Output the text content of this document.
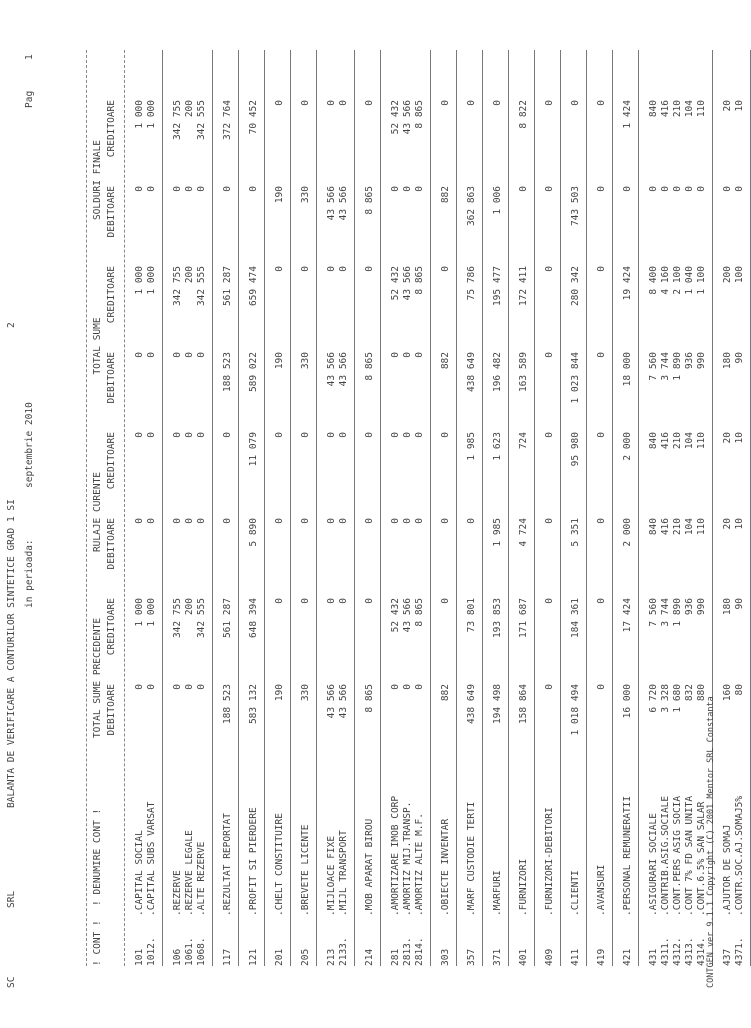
SC
SRL
BALANTA DE VERIFICARE A CONTURILOR SINTETICE GRAD 1 SI
2
in perioada:
septembrie 2010
Pag
1
! CONT !
! DENUMIRE CONT !
TOTAL SUME PRECEDENTE
RULAJE CURENTE
TOTAL SUME
SOLDURI FINALE
DEBITOARE
CREDITOARE
DEBITOARE
CREDITOARE
DEBITOARE
CREDITOARE
DEBITOARE
CREDITOARE
101
.CAPITAL SOCIAL
0
1 000
0
0
0
1 000
0
1 000
1012.
.CAPITAL SUBS VARSAT
0
1 000
0
0
0
1 000
0
1 000
106
.REZERVE
0
342 755
0
0
0
342 755
0
342 755
1061.
.REZERVE LEGALE
0
200
0
0
0
200
0
200
1068.
.ALTE REZERVE
0
342 555
0
0
0
342 555
0
342 555
117
.REZULTAT REPORTAT
188 523
561 287
0
0
188 523
561 287
0
372 764
121
.PROFIT SI PIERDERE
583 132
648 394
5 890
11 079
589 022
659 474
0
70 452
201
.CHELT CONSTITUIRE
190
0
0
0
190
0
190
0
205
.BREVETE LICENTE
330
0
0
0
330
0
330
0
213
.MIJLOACE FIXE
43 566
0
0
0
43 566
0
43 566
0
2133.
.MIJL TRANSPORT
43 566
0
0
0
43 566
0
43 566
0
214
.MOB APARAT BIROU
8 865
0
0
0
8 865
0
8 865
0
281
.AMORTIZARE IMOB CORP
0
52 432
0
0
0
52 432
0
52 432
2813.
.AMORTIZ MIJ.TRANSP.
0
43 566
0
0
0
43 566
0
43 566
2814.
.AMORTIZ ALTE M.F.
0
8 865
0
0
0
8 865
0
8 865
303
.OBIECTE INVENTAR
882
0
0
0
882
0
882
0
357
.MARF CUSTODIE TERTI
438 649
73 801
0
1 985
438 649
75 786
362 863
0
371
.MARFURI
194 498
193 853
1 985
1 623
196 482
195 477
1 006
0
401
.FURNIZORI
158 864
171 687
4 724
724
163 589
172 411
0
8 822
409
.FURNIZORI-DEBITORI
0
0
0
0
0
0
0
0
411
.CLIENTI
1 018 494
184 361
5 351
95 980
1 023 844
280 342
743 503
0
419
.AVANSURI
0
0
0
0
0
0
0
0
421
.PERSONAL REMUNERATII
16 000
17 424
2 000
2 000
18 000
19 424
0
1 424
431
.ASIGURARI SOCIALE
6 720
7 560
840
840
7 560
8 400
0
840
4311.
.CONTRIB.ASIG.SOCIALE
3 328
3 744
416
416
3 744
4 160
0
416
4312.
.CONT.PERS ASIG SOCIA
1 680
1 890
210
210
1 890
2 100
0
210
4313.
.CONT 7% FD SAN UNITA
832
936
104
104
936
1 040
0
104
4314.
.CONT.6.5% SAN SALAR
880
990
110
110
990
1 100
0
110
437
.AJUTOR DE SOMAJ
160
180
20
20
180
200
0
20
4371.
.CONTR.SOC.AJ.SOMAJ5%
80
90
10
10
90
100
0
10
CONTGEN ver 9.1.1 Copyright (C) 2001 Mentor SRL Constanta
